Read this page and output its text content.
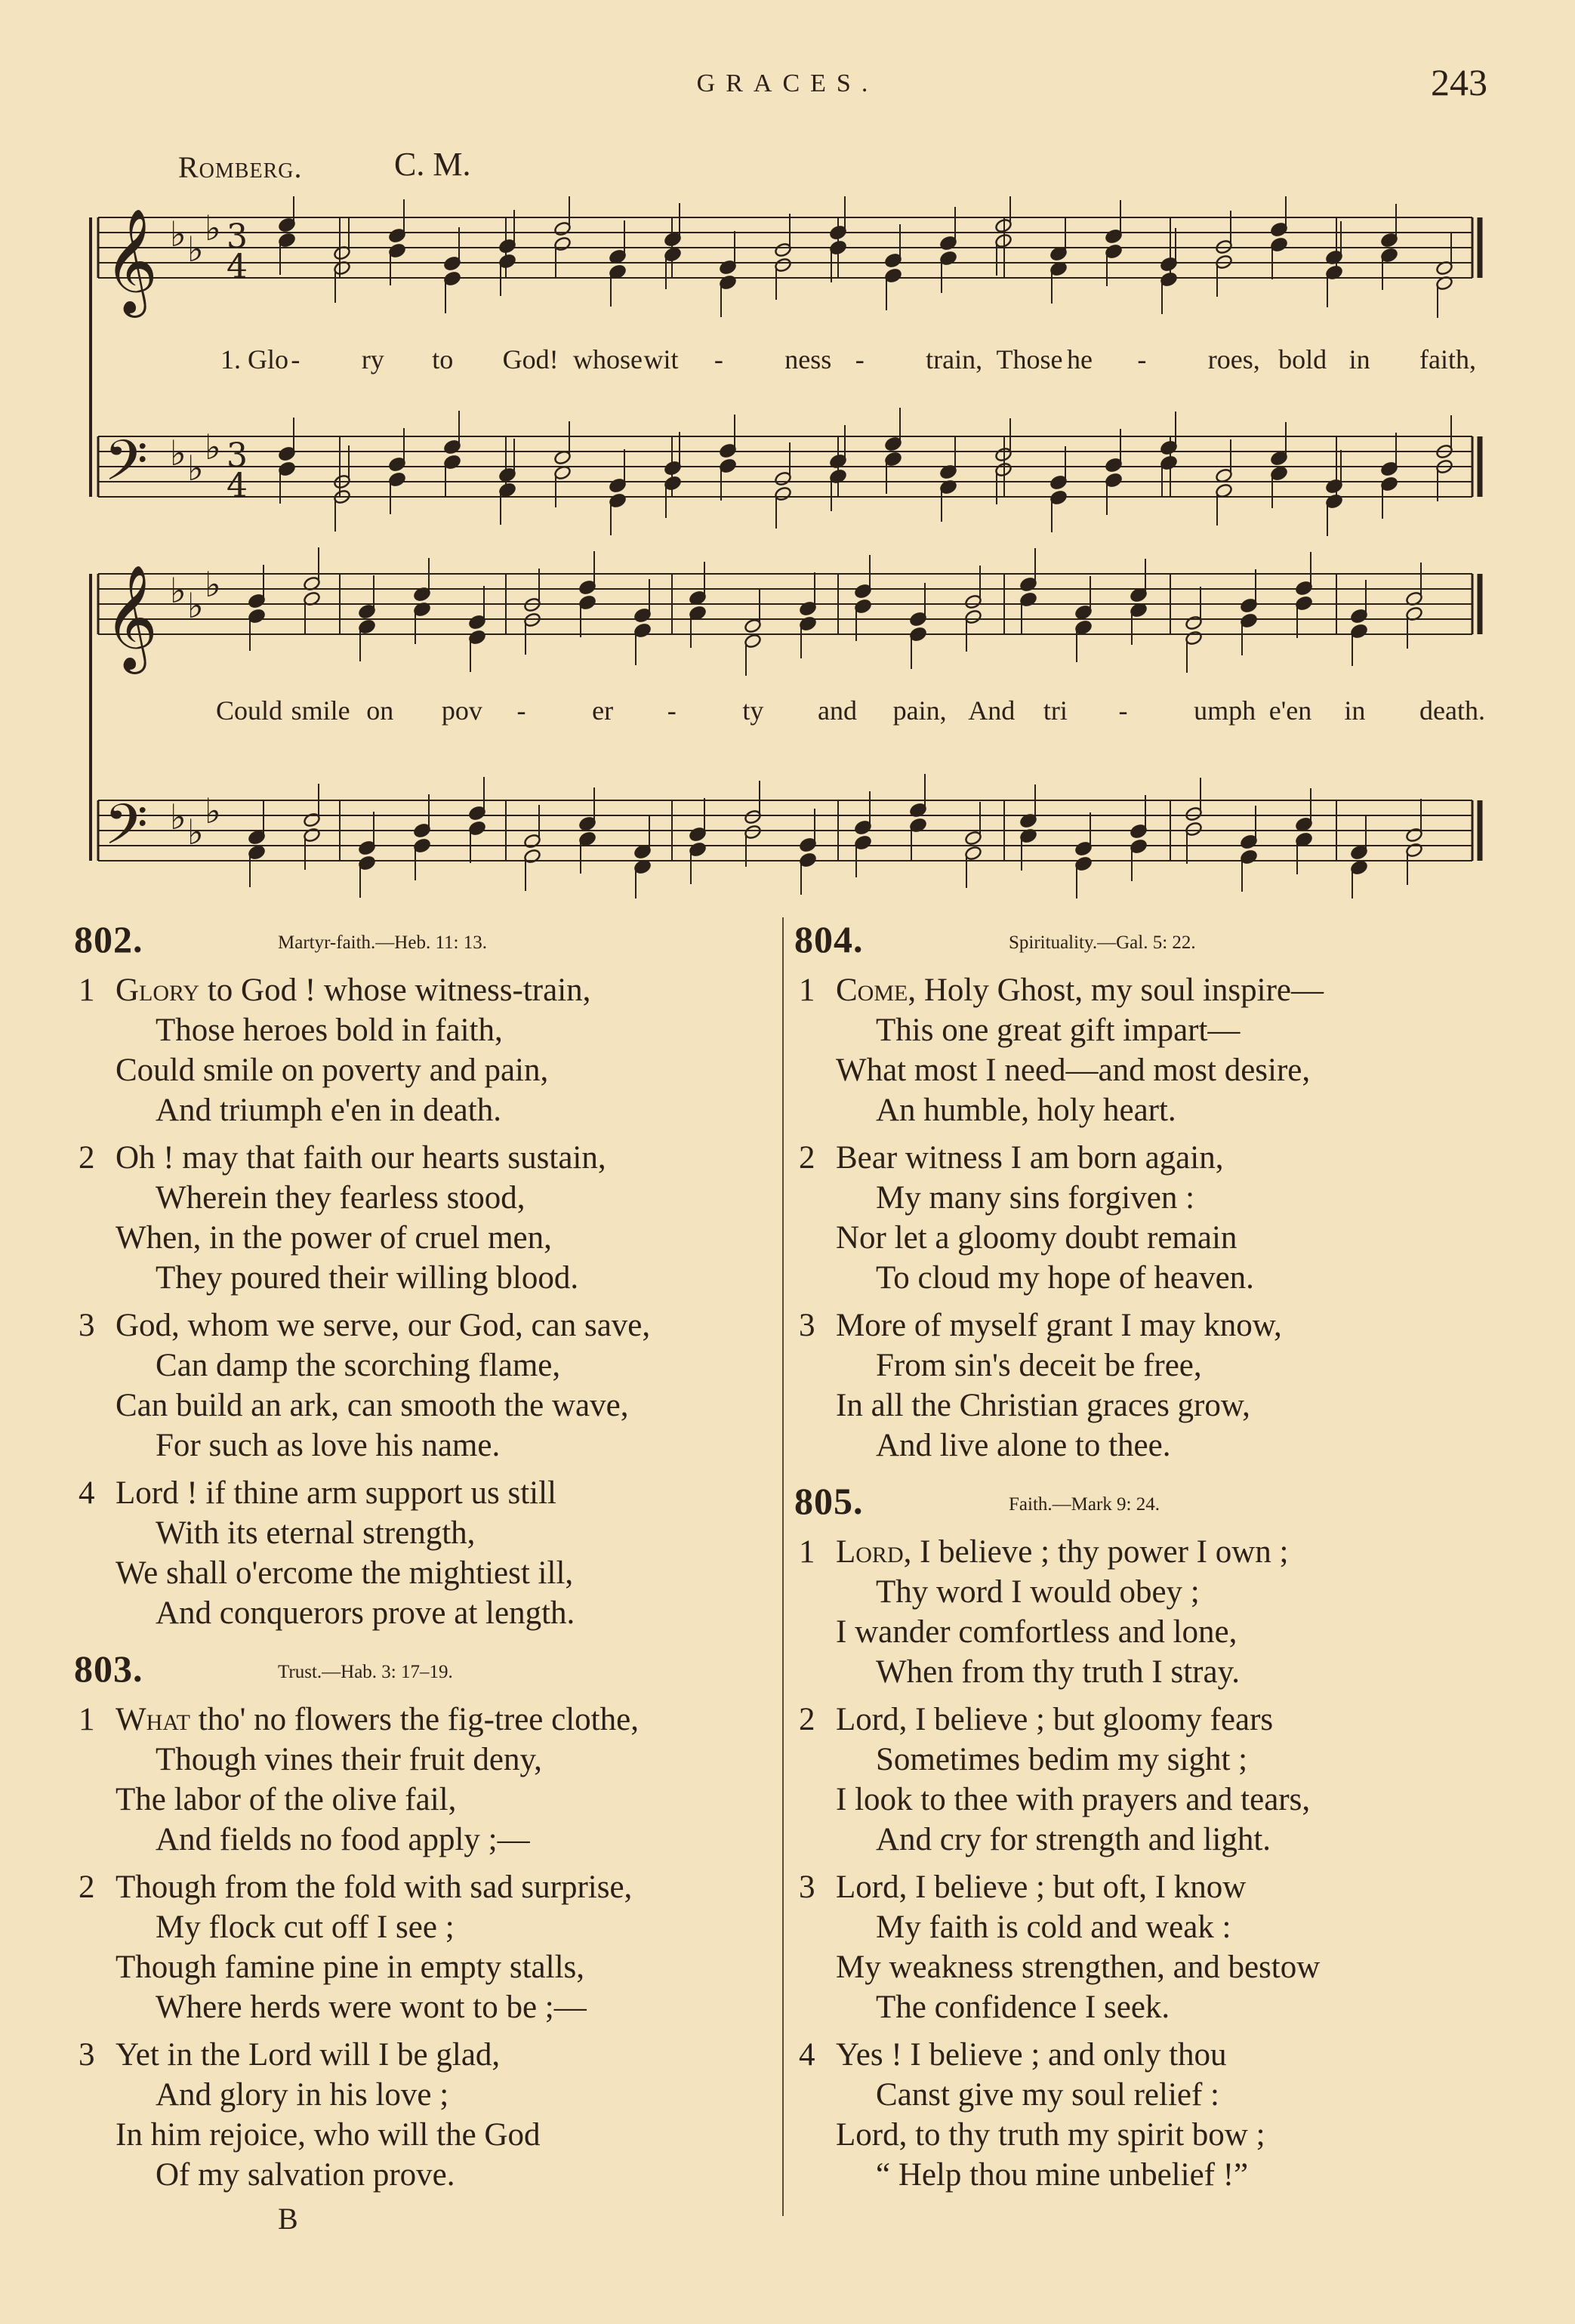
GRACES.	243
Romberg.	C. M.
𝄞 ♭ ♭
♭ 3
4
𝄢 ♭ ♭
♭ 3
4
𝄞 ♭ ♭
♭
𝄢 ♭ ♭
♭
1. Glo - ry to God! whose wit - ness - train, Those he - roes, bold in faith,
Could smile on pov - er - ty and pain, And tri - umph e'en in death.
802.	Martyr-faith.—Heb. 11: 13.
1 Glory to God ! whose witness-train,
Those heroes bold in faith,
Could smile on poverty and pain,
And triumph e'en in death.
2 Oh ! may that faith our hearts sustain,
Wherein they fearless stood,
When, in the power of cruel men,
They poured their willing blood.
3 God, whom we serve, our God, can save,
Can damp the scorching flame,
Can build an ark, can smooth the wave,
For such as love his name.
4 Lord ! if thine arm support us still
With its eternal strength,
We shall o'ercome the mightiest ill,
And conquerors prove at length.
803.	Trust.—Hab. 3: 17–19.
1 What tho' no flowers the fig-tree clothe,
Though vines their fruit deny,
The labor of the olive fail,
And fields no food apply ;—
2 Though from the fold with sad surprise,
My flock cut off I see ;
Though famine pine in empty stalls,
Where herds were wont to be ;—
3 Yet in the Lord will I be glad,
And glory in his love ;
In him rejoice, who will the God
Of my salvation prove.
804.	Spirituality.—Gal. 5: 22.
1 Come, Holy Ghost, my soul inspire—
This one great gift impart—
What most I need—and most desire,
An humble, holy heart.
2 Bear witness I am born again,
My many sins forgiven :
Nor let a gloomy doubt remain
To cloud my hope of heaven.
3 More of myself grant I may know,
From sin's deceit be free,
In all the Christian graces grow,
And live alone to thee.
805.	Faith.—Mark 9: 24.
1 Lord, I believe ; thy power I own ;
Thy word I would obey ;
I wander comfortless and lone,
When from thy truth I stray.
2 Lord, I believe ; but gloomy fears
Sometimes bedim my sight ;
I look to thee with prayers and tears,
And cry for strength and light.
3 Lord, I believe ; but oft, I know
My faith is cold and weak :
My weakness strengthen, and bestow
The confidence I seek.
4 Yes ! I believe ; and only thou
Canst give my soul relief :
Lord, to thy truth my spirit bow ;
“ Help thou mine unbelief !”
B
